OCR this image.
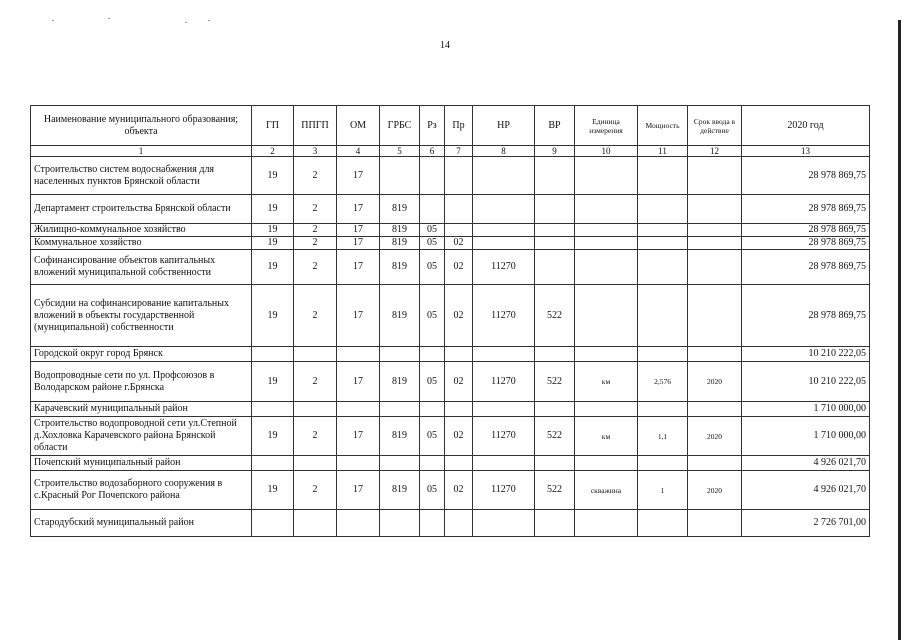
14
Наименование муниципального образования; объекта	ГП	ППГП	ОМ	ГРБС	Рз	Пр	НР	ВР	Единица измерения	Мощность	Срок ввода в действие	2020 год
1	2	3	4	5	6	7	8	9	10	11	12	13
Строительство систем водоснабжения для населенных пунктов Брянской области	19	2	17									28 978 869,75
Департамент строительства Брянской области	19	2	17	819								28 978 869,75
Жилищно-коммунальное хозяйство	19	2	17	819	05							28 978 869,75
Коммунальное хозяйство	19	2	17	819	05	02						28 978 869,75
Софинансирование объектов капитальных вложений муниципальной собственности	19	2	17	819	05	02	11270					28 978 869,75
Субсидии на софинансирование капитальных вложений в объекты государственной (муниципальной) собственности	19	2	17	819	05	02	11270	522				28 978 869,75
Городской округ город Брянск												10 210 222,05
Водопроводные сети по ул. Профсоюзов в Володарском районе г.Брянска	19	2	17	819	05	02	11270	522	км	2,576	2020	10 210 222,05
Карачевский муниципальный район												1 710 000,00
Строительство водопроводной сети ул.Степной д.Хохловка Карачевского района Брянской области	19	2	17	819	05	02	11270	522	км	1,1	2020	1 710 000,00
Почепский муниципальный район												4 926 021,70
Строительство водозаборного сооружения в с.Красный Рог Почепского района	19	2	17	819	05	02	11270	522	скважина	1	2020	4 926 021,70
Стародубский муниципальный район												2 726 701,00
